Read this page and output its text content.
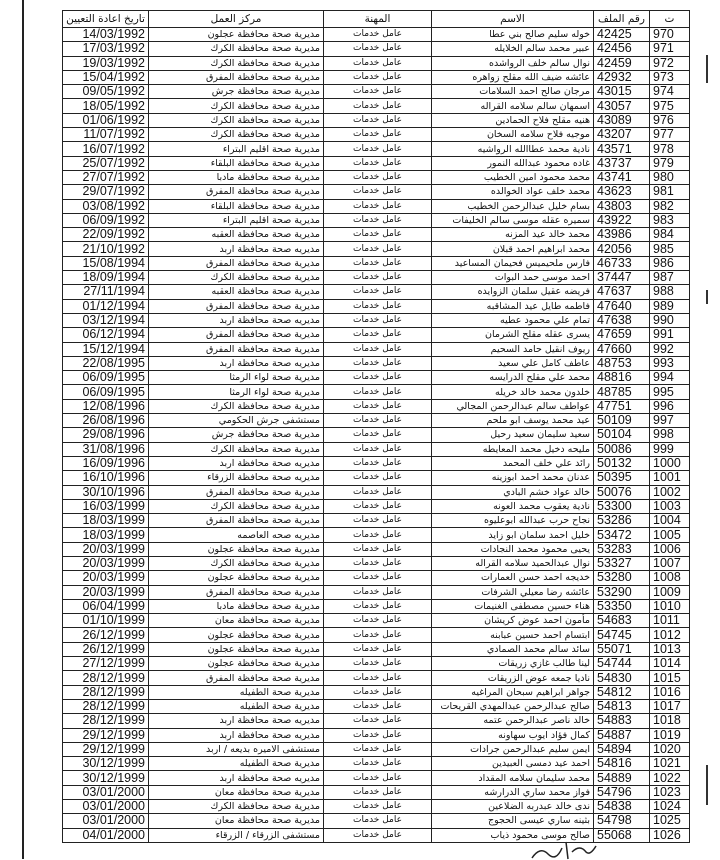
ت	رقم الملف	الاسم	المهنة	مركز العمل	تاريخ اعادة التعيين
970	42425	خوله سليم صالح بني عطا	عامل خدمات	مديرية صحة محافظة عجلون	14/03/1992
971	42456	عبير محمد سالم الخلايله	عامل خدمات	مديرية صحة محافظة الكرك	17/03/1992
972	42459	نوال سالم خلف الرواشده	عامل خدمات	مديرية صحة محافظة الكرك	19/03/1992
973	42932	عائشه ضيف الله مقلح زواهره	عامل خدمات	مديرية صحة محافظة المفرق	15/04/1992
974	43015	مرجان صالح احمد السلامات	عامل خدمات	مديرية صحة محافظة جرش	09/05/1992
975	43057	اسمهان سالم سلامه القراله	عامل خدمات	مديرية صحة محافظة الكرك	18/05/1992
976	43089	هنيه مقلح فلاح الحمادين	عامل خدمات	مديرية صحة محافظة الكرك	01/06/1992
977	43207	موجيه فلاح سلامه السخان	عامل خدمات	مديرية صحة محافظة الكرك	11/07/1992
978	43571	نادية محمد عطاالله الرواشيه	عامل خدمات	مديرية صحة اقليم البتراء	16/07/1992
979	43737	غاده محمود عبدالله النمور	عامل خدمات	مديرية صحة محافظة البلقاء	25/07/1992
980	43741	محمد محمود امين الخطيب	عامل خدمات	مديرية صحة محافظة مادبا	27/07/1992
981	43623	محمد خلف عواد الخوالده	عامل خدمات	مديرية صحة محافظة المفرق	29/07/1992
982	43803	بسام خليل عبدالرحمن الخطيب	عامل خدمات	مديرية صحة محافظة البلقاء	03/08/1992
983	43922	سميره عقله موسى سالم الخليفات	عامل خدمات	مديرية صحة اقليم البتراء	06/09/1992
984	43986	محمد خالد عيد المزنه	عامل خدمات	مديرية صحة محافظة العقبه	22/09/1992
985	42056	محمد ابراهيم احمد قبلان	عامل خدمات	مديريه صحة محافظة اربد	21/10/1992
986	46733	فارس ملحيميس فحيمان المساعيد	عامل خدمات	مديرية صحة محافظة المفرق	15/08/1994
987	37447	احمد موسى حمد البوات	عامل خدمات	مديرية صحة محافظة الكرك	18/09/1994
988	47637	فريضه عقيل سلمان الزوايده	عامل خدمات	مديرية صحة محافظة العقبه	27/11/1994
989	47640	فاطمه طايل عيد المشاقبه	عامل خدمات	مديرية صحة محافظة المفرق	01/12/1994
990	47638	تمام علي محمود عطيه	عامل خدمات	مديريه صحة محافظة اربد	03/12/1994
991	47659	يسرى عقله مقلح الشرمان	عامل خدمات	مديرية صحة محافظة المفرق	06/12/1994
992	47660	ريوف انقيل حامد السحيم	عامل خدمات	مديرية صحة محافظة المفرق	15/12/1994
993	48753	عاطف كامل علي سعيد	عامل خدمات	مديريه صحة محافظة اربد	22/08/1995
994	48816	محمد علي مقلح الدرايسه	عامل خدمات	مديرية صحة لواء الرمثا	06/09/1995
995	48785	خلدون محمد خالد خريله	عامل خدمات	مديرية صحة لواء الرمثا	06/09/1995
996	47751	عواطف سالم عبدالرحمن المجالي	عامل خدمات	مديرية صحة محافظة الكرك	12/08/1996
997	50109	عيد محمد يوسف ابو ملحم	عامل خدمات	مستشفى جرش الحكومي	26/08/1996
998	50104	سعيد سليمان سعيد رحيل	عامل خدمات	مديرية صحة محافظة جرش	29/08/1996
999	50086	مليحه دخيل محمد المعايطه	عامل خدمات	مديرية صحة محافظة الكرك	31/08/1996
1000	50132	رائد علي خلف المحمد	عامل خدمات	مديريه صحة محافظة اربد	16/09/1996
1001	50395	عدنان محمد احمد ابوزينه	عامل خدمات	مديريه صحة محافظة الزرقاء	16/10/1996
1002	50076	خالد عواد خشم البادي	عامل خدمات	مديرية صحة محافظة المفرق	30/10/1996
1003	53300	نادية يعقوب محمد العونه	عامل خدمات	مديرية صحة محافظة الكرك	16/03/1999
1004	53286	نجاح حرب عبدالله ابوعليوه	عامل خدمات	مديرية صحة محافظة المفرق	18/03/1999
1005	53472	خليل احمد سلمان ابو زايد	عامل خدمات	مديريه صحه العاصمه	18/03/1999
1006	53283	يحيى محمود محمد النجادات	عامل خدمات	مديرية صحة محافظة عجلون	20/03/1999
1007	53327	نوال عبدالحميد سلامه القراله	عامل خدمات	مديرية صحة محافظة الكرك	20/03/1999
1008	53280	خديجه احمد حسن العمارات	عامل خدمات	مديرية صحة محافظة عجلون	20/03/1999
1009	53290	عائشه رضا معيلي الشرفات	عامل خدمات	مديرية صحة محافظة المفرق	20/03/1999
1010	53350	هناء حسين مصطفى الغنيمات	عامل خدمات	مديرية صحة محافظة مادبا	06/04/1999
1011	54683	مأمون احمد عوض كريشان	عامل خدمات	مديرية صحة محافظة معان	01/10/1999
1012	54745	ابتسام احمد حسين عبابنه	عامل خدمات	مديرية صحة محافظة عجلون	26/12/1999
1013	55071	سائد سالم محمد الصمادي	عامل خدمات	مديرية صحة محافظة عجلون	26/12/1999
1014	54744	لينا طالب غازي زريقات	عامل خدمات	مديرية صحة محافظة عجلون	27/12/1999
1015	54830	ناديا جمعه عوض الزريقات	عامل خدمات	مديرية صحة محافظة المفرق	28/12/1999
1016	54812	جواهر ابراهيم سبحان المراغيه	عامل خدمات	مديرية صحة الطفيله	28/12/1999
1017	54813	صالح عبدالرحمن عبدالمهدي القريحات	عامل خدمات	مديرية صحة الطفيله	28/12/1999
1018	54883	خالد ناصر عبدالرحمن عتمه	عامل خدمات	مديريه صحة محافظة اربد	28/12/1999
1019	54887	كمال فؤاد ايوب سهاونه	عامل خدمات	مديريه صحة محافظة اربد	29/12/1999
1020	54894	ايمن سليم عبدالرحمن جرادات	عامل خدمات	مستشفى الاميره بديعه / اربد	29/12/1999
1021	54816	احمد عيد دمسى العبيدين	عامل خدمات	مديرية صحة الطفيله	30/12/1999
1022	54889	محمد سليمان سلامه المقداد	عامل خدمات	مديريه صحة محافظة اربد	30/12/1999
1023	54796	فواز محمد ساري الدرارشه	عامل خدمات	مديرية صحة محافظة معان	03/01/2000
1024	54838	ندى خالد عبدربه الضلاعين	عامل خدمات	مديرية صحة محافظة الكرك	03/01/2000
1025	54798	بثينه ساري عيسى الحجوج	عامل خدمات	مديرية صحة محافظة معان	03/01/2000
1026	55068	صالح موسى محمود ذياب	عامل خدمات	مستشفى الزرقاء / الزرقاء	04/01/2000
